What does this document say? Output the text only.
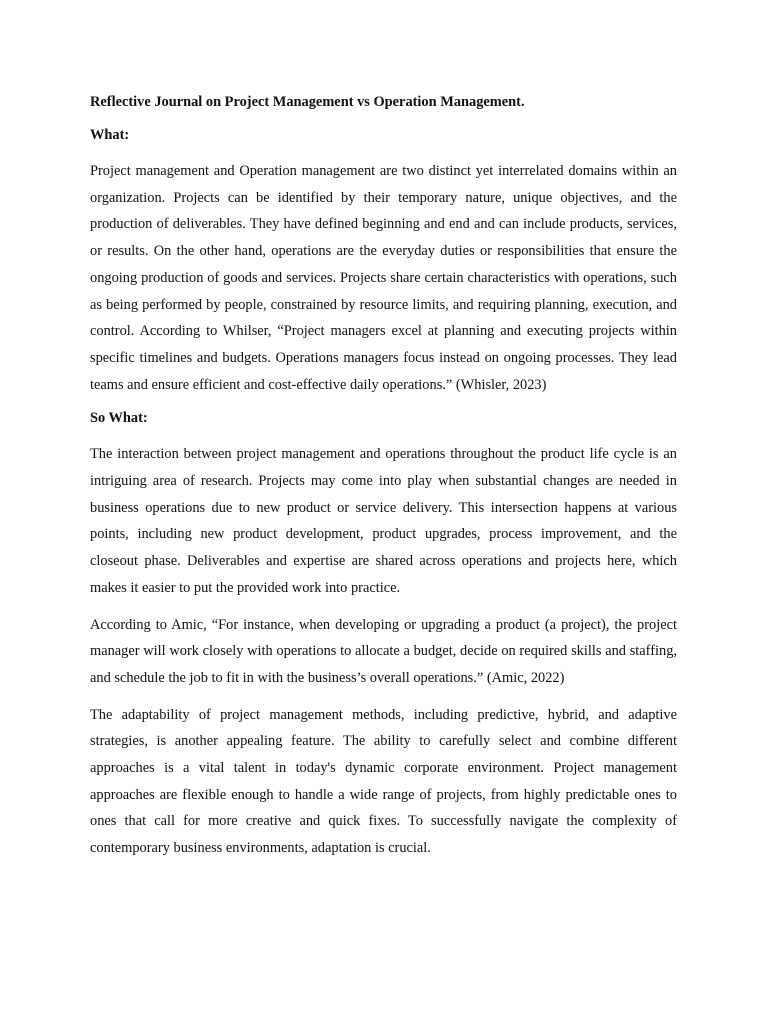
Reflective Journal on Project Management vs Operation Management.

What:

Project management and Operation management are two distinct yet interrelated domains within an organization. Projects can be identified by their temporary nature, unique objectives, and the production of deliverables. They have defined beginning and end and can include products, services, or results. On the other hand, operations are the everyday duties or responsibilities that ensure the ongoing production of goods and services. Projects share certain characteristics with operations, such as being performed by people, constrained by resource limits, and requiring planning, execution, and control. According to Whilser, “Project managers excel at planning and executing projects within specific timelines and budgets. Operations managers focus instead on ongoing processes. They lead teams and ensure efficient and cost-effective daily operations.” (Whisler, 2023)

So What:

The interaction between project management and operations throughout the product life cycle is an intriguing area of research. Projects may come into play when substantial changes are needed in business operations due to new product or service delivery. This intersection happens at various points, including new product development, product upgrades, process improvement, and the closeout phase. Deliverables and expertise are shared across operations and projects here, which makes it easier to put the provided work into practice.

According to Amic, “For instance, when developing or upgrading a product (a project), the project manager will work closely with operations to allocate a budget, decide on required skills and staffing, and schedule the job to fit in with the business’s overall operations.” (Amic, 2022)

The adaptability of project management methods, including predictive, hybrid, and adaptive strategies, is another appealing feature. The ability to carefully select and combine different approaches is a vital talent in today's dynamic corporate environment. Project management approaches are flexible enough to handle a wide range of projects, from highly predictable ones to ones that call for more creative and quick fixes. To successfully navigate the complexity of contemporary business environments, adaptation is crucial.
